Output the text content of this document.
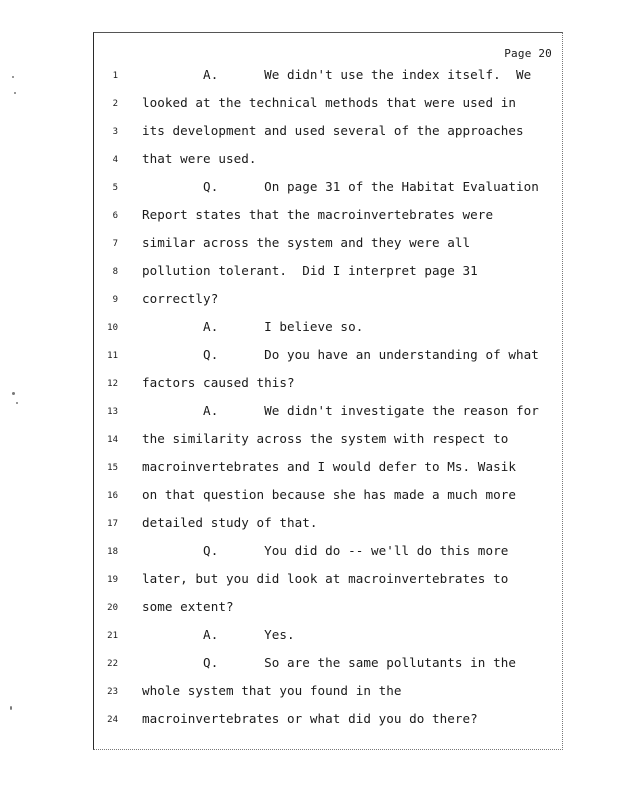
Page 20
1 A.      We didn't use the index itself.  We
2 looked at the technical methods that were used in
3 its development and used several of the approaches
4 that were used.
5 Q.      On page 31 of the Habitat Evaluation
6 Report states that the macroinvertebrates were
7 similar across the system and they were all
8 pollution tolerant.  Did I interpret page 31
9 correctly?
10 A.      I believe so.
11 Q.      Do you have an understanding of what
12 factors caused this?
13 A.      We didn't investigate the reason for
14 the similarity across the system with respect to
15 macroinvertebrates and I would defer to Ms. Wasik
16 on that question because she has made a much more
17 detailed study of that.
18 Q.      You did do -- we'll do this more
19 later, but you did look at macroinvertebrates to
20 some extent?
21 A.      Yes.
22 Q.      So are the same pollutants in the
23 whole system that you found in the
24 macroinvertebrates or what did you do there?
